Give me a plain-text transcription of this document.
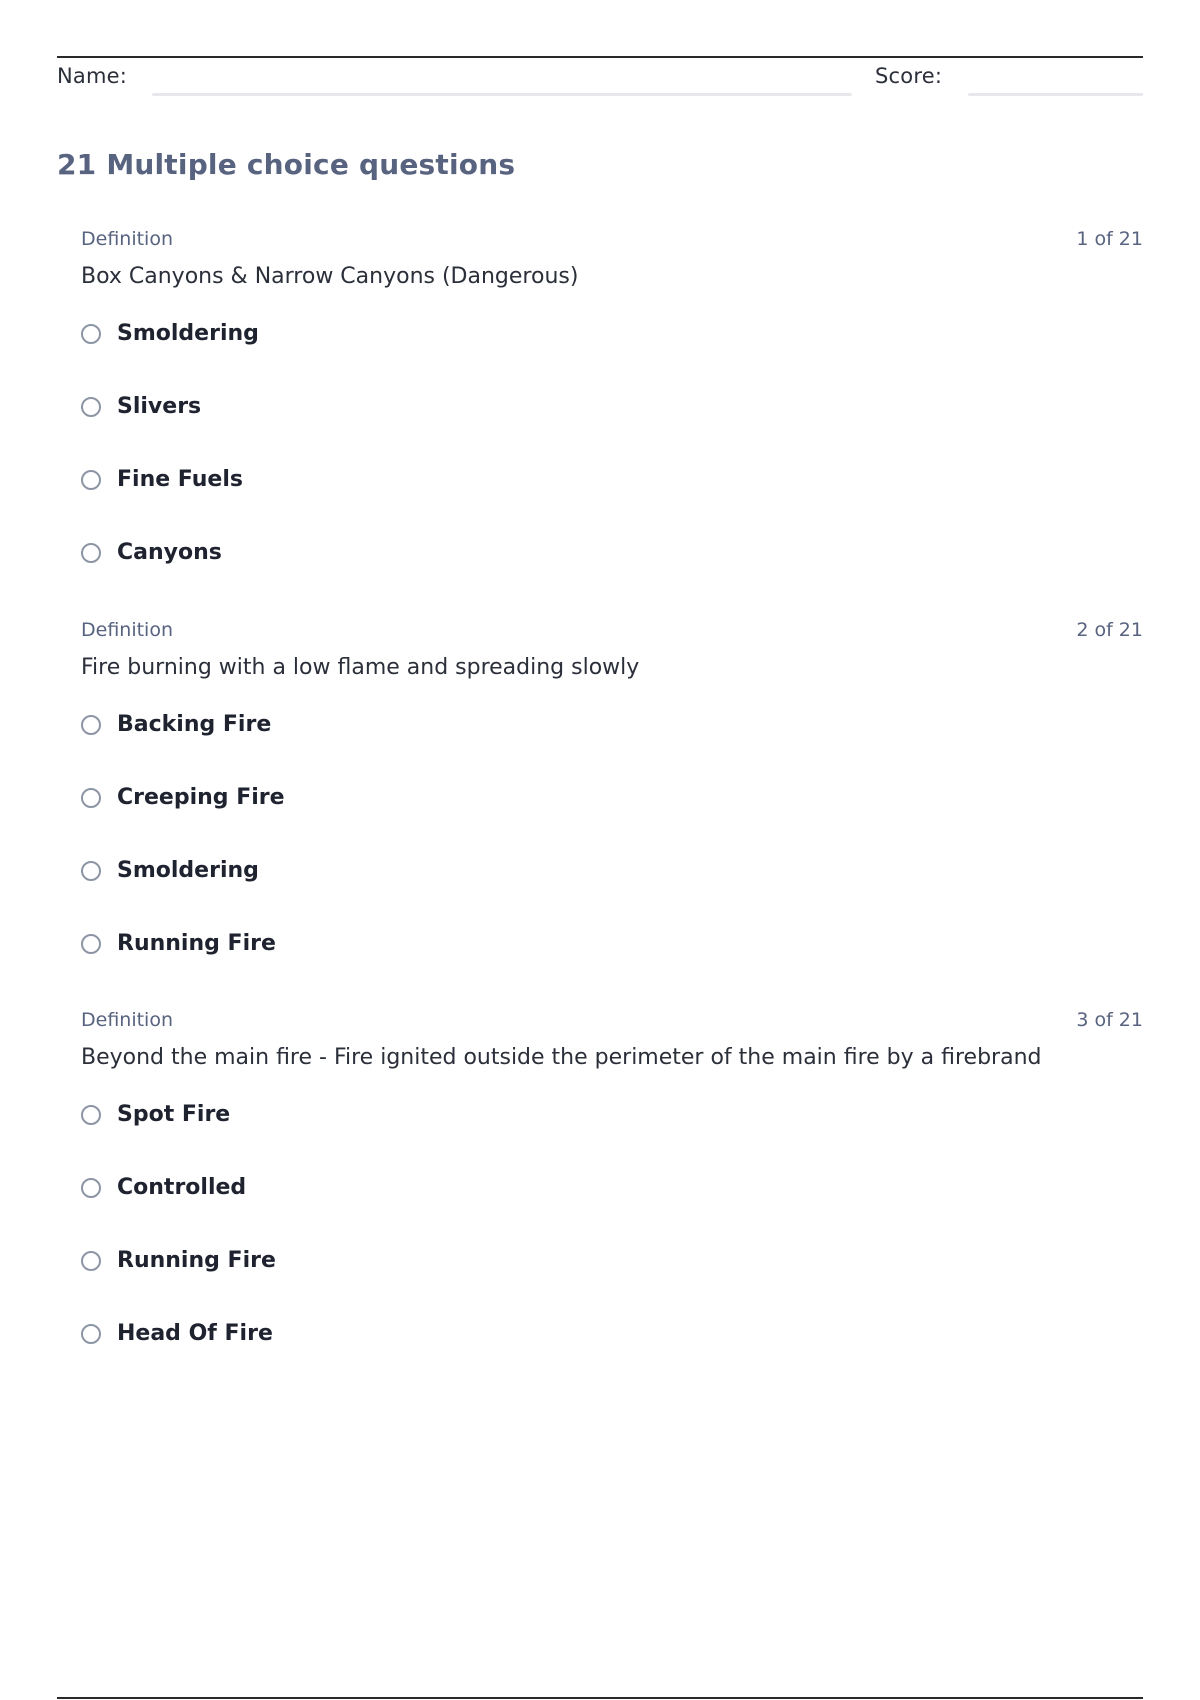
Name:	Score:
21 Multiple choice questions
Definition	1 of 21
Box Canyons & Narrow Canyons (Dangerous)
Smoldering
Slivers
Fine Fuels
Canyons
Definition	2 of 21
Fire burning with a low flame and spreading slowly
Backing Fire
Creeping Fire
Smoldering
Running Fire
Definition	3 of 21
Beyond the main fire - Fire ignited outside the perimeter of the main fire by a firebrand
Spot Fire
Controlled
Running Fire
Head Of Fire
